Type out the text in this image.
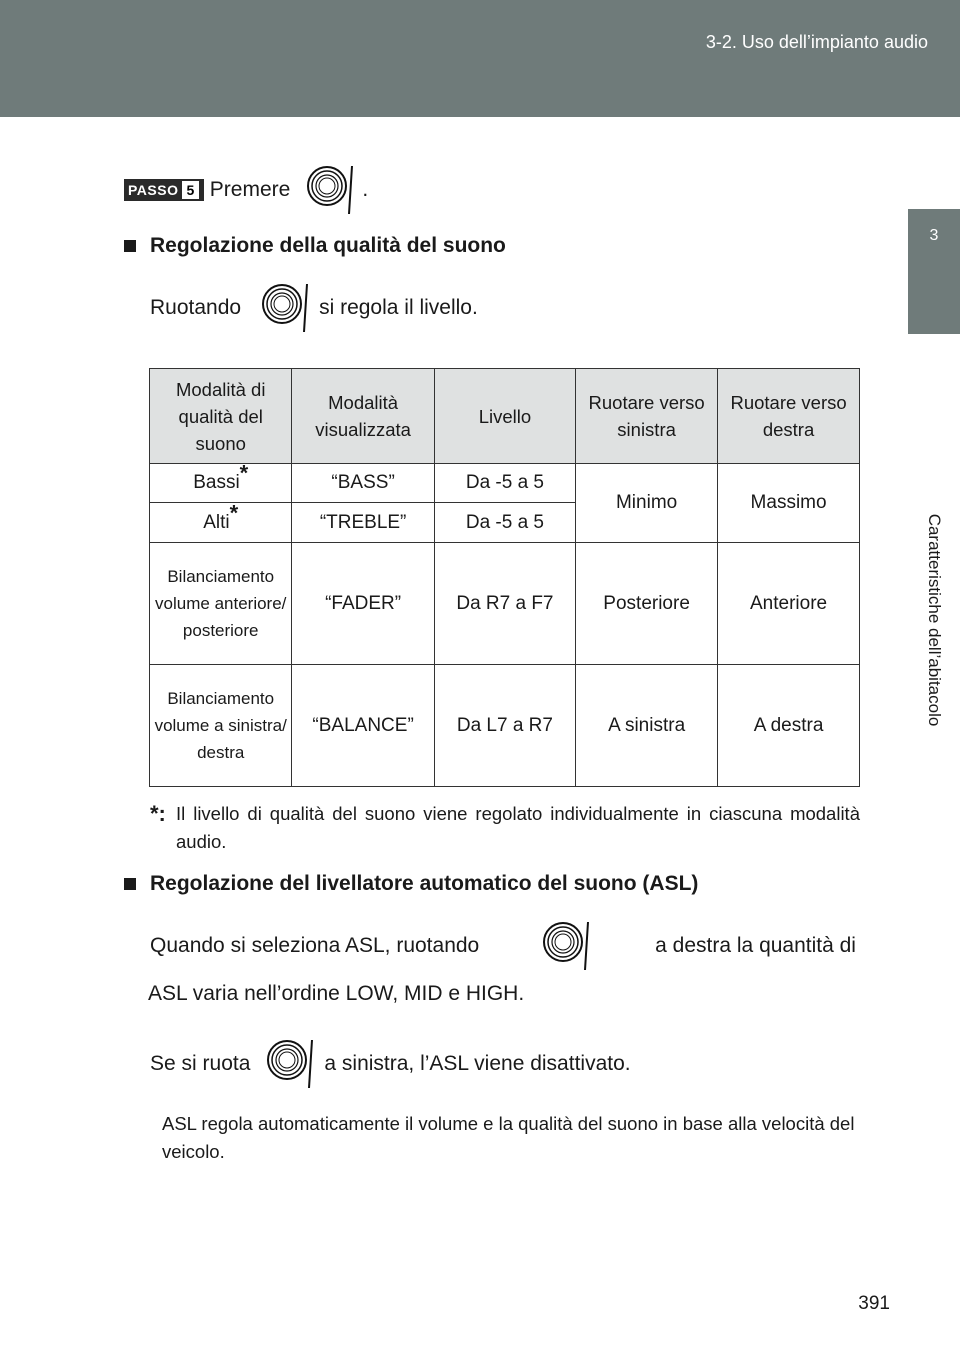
3-2. Uso dell’impianto audio
3
Caratteristiche dell’abitacolo
PASSO 5 Premere	.
Regolazione della qualità del suono
Ruotando	si regola il livello.
Modalità di qualità del suono	Modalità visualizzata	Livello	Ruotare verso sinistra	Ruotare verso destra
Bassi*	“BASS”	Da -5 a 5	Minimo	Massimo
Alti*	“TREBLE”	Da -5 a 5		
Bilanciamento volume anteriore/ posteriore	“FADER”	Da R7 a F7	Posteriore	Anteriore
Bilanciamento volume a sinistra/ destra	“BALANCE”	Da L7 a R7	A sinistra	A destra
*: Il livello di qualità del suono viene regolato individualmente in ciascuna modalità audio.
Regolazione del livellatore automatico del suono (ASL)
Quando si seleziona ASL, ruotando	a destra la quantità di
ASL varia nell’ordine LOW, MID e HIGH.
Se si ruota	a sinistra, l’ASL viene disattivato.
ASL regola automaticamente il volume e la qualità del suono in base alla velocità del veicolo.
391
